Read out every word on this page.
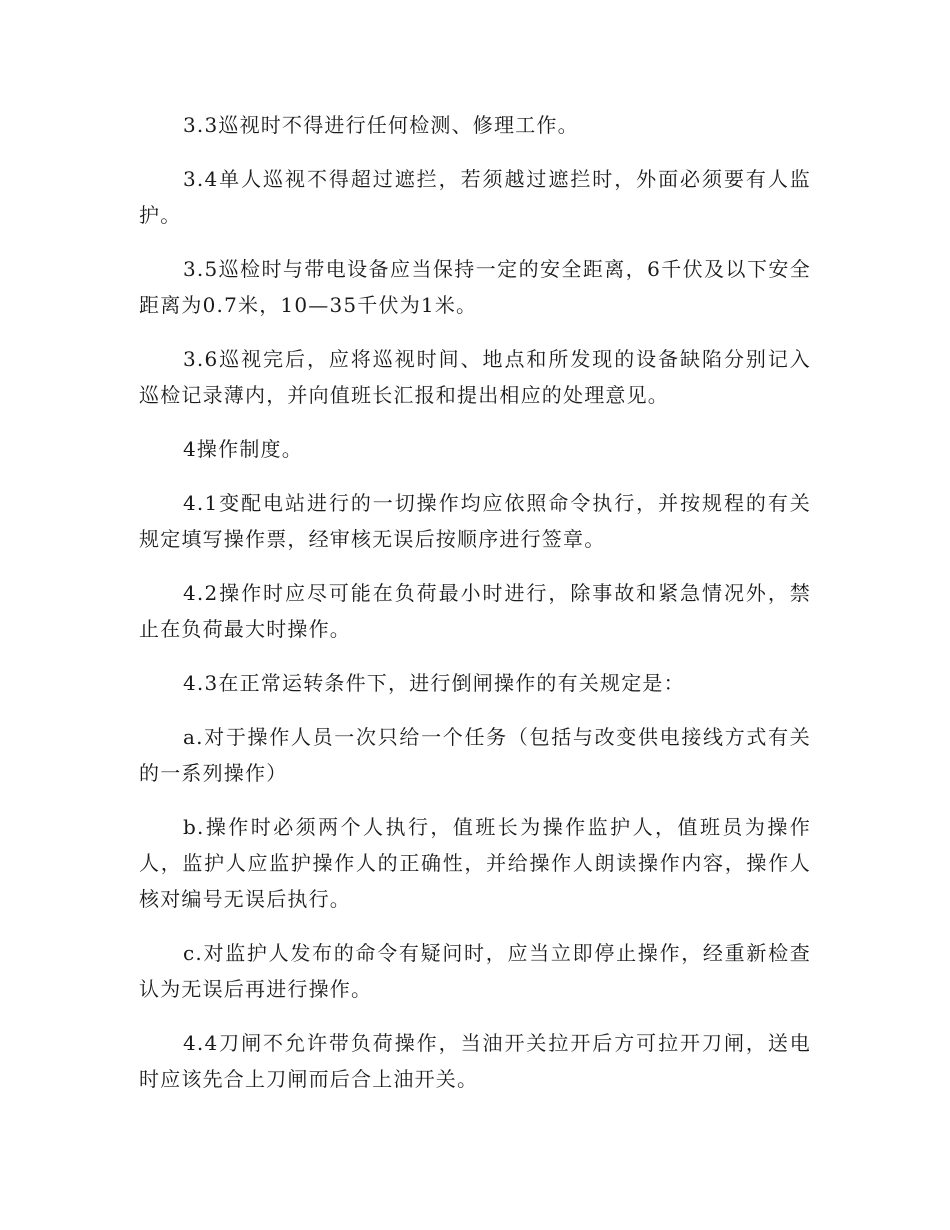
3.3巡视时不得进行任何检测、修理工作。

3.4单人巡视不得超过遮拦，若须越过遮拦时，外面必须要有人监护。

3.5巡检时与带电设备应当保持一定的安全距离，6千伏及以下安全距离为0.7米，10—35千伏为1米。

3.6巡视完后，应将巡视时间、地点和所发现的设备缺陷分别记入巡检记录薄内，并向值班长汇报和提出相应的处理意见。

4操作制度。

4.1变配电站进行的一切操作均应依照命令执行，并按规程的有关规定填写操作票，经审核无误后按顺序进行签章。

4.2操作时应尽可能在负荷最小时进行，除事故和紧急情况外，禁止在负荷最大时操作。

4.3在正常运转条件下，进行倒闸操作的有关规定是：

a.对于操作人员一次只给一个任务（包括与改变供电接线方式有关的一系列操作）

b.操作时必须两个人执行，值班长为操作监护人，值班员为操作人，监护人应监护操作人的正确性，并给操作人朗读操作内容，操作人核对编号无误后执行。

c.对监护人发布的命令有疑问时，应当立即停止操作，经重新检查认为无误后再进行操作。

4.4刀闸不允许带负荷操作，当油开关拉开后方可拉开刀闸，送电时应该先合上刀闸而后合上油开关。
